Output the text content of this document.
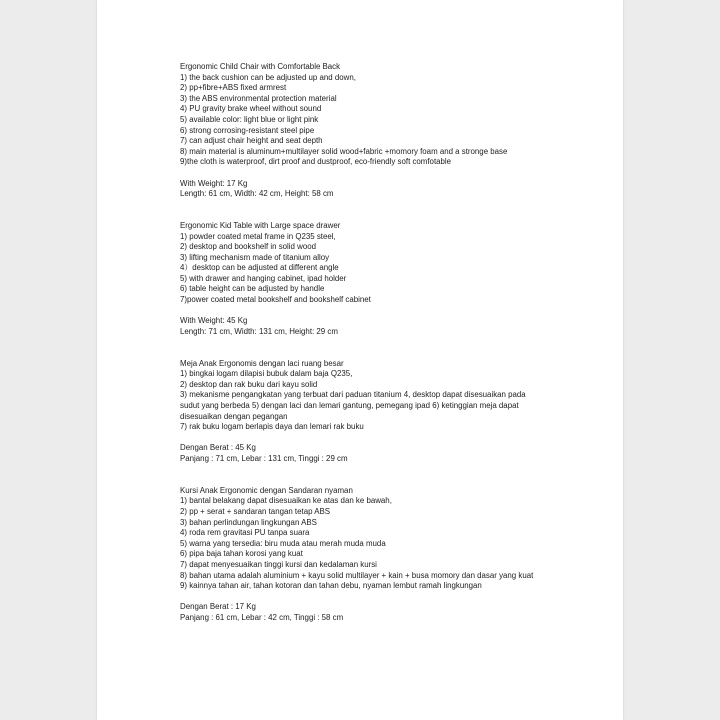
Ergonomic Child Chair with Comfortable Back
1) the back cushion can be adjusted up and down,
2) pp+fibre+ABS fixed armrest
3) the ABS environmental protection material
4) PU gravity brake wheel without sound
5) available color: light blue or light pink
6) strong corrosing-resistant steel pipe
7) can adjust chair height and seat depth
8) main material is aluminum+multilayer solid wood+fabric +momory foam and a stronge base
9)the cloth is waterproof, dirt proof and dustproof, eco-friendly soft comfotable
With Weight: 17 Kg
Length: 61 cm, Width: 42 cm, Height: 58 cm
Ergonomic Kid Table with Large space drawer
1) powder coated metal frame in Q235 steel,
2) desktop and bookshelf in solid wood
3) lifting mechanism made of titanium alloy
4）desktop can be adjusted at different angle
5) with drawer and hanging cabinet, ipad holder
6) table height can be adjusted by handle
7)power coated metal bookshelf and bookshelf cabinet
With Weight: 45 Kg
Length: 71 cm, Width: 131 cm, Height: 29 cm
Meja Anak Ergonomis dengan laci ruang besar
1) bingkai logam dilapisi bubuk dalam baja Q235,
2) desktop dan rak buku dari kayu solid
3) mekanisme pengangkatan yang terbuat dari paduan titanium 4, desktop dapat disesuaikan pada sudut yang berbeda 5) dengan laci dan lemari gantung, pemegang ipad 6) ketinggian meja dapat disesuaikan dengan pegangan
7) rak buku logam berlapis daya dan lemari rak buku
Dengan Berat : 45 Kg
Panjang : 71 cm, Lebar : 131 cm, Tinggi : 29 cm
Kursi Anak Ergonomic dengan Sandaran nyaman
1) bantal belakang dapat disesuaikan ke atas dan ke bawah,
2) pp + serat + sandaran tangan tetap ABS
3) bahan perlindungan lingkungan ABS
4) roda rem gravitasi PU tanpa suara
5) warna yang tersedia: biru muda atau merah muda muda
6) pipa baja tahan korosi yang kuat
7) dapat menyesuaikan tinggi kursi dan kedalaman kursi
8) bahan utama adalah aluminium + kayu solid multilayer + kain + busa momory dan dasar yang kuat
9) kainnya tahan air, tahan kotoran dan tahan debu, nyaman lembut ramah lingkungan
Dengan Berat : 17 Kg
Panjang : 61 cm, Lebar : 42 cm, Tinggi : 58 cm
